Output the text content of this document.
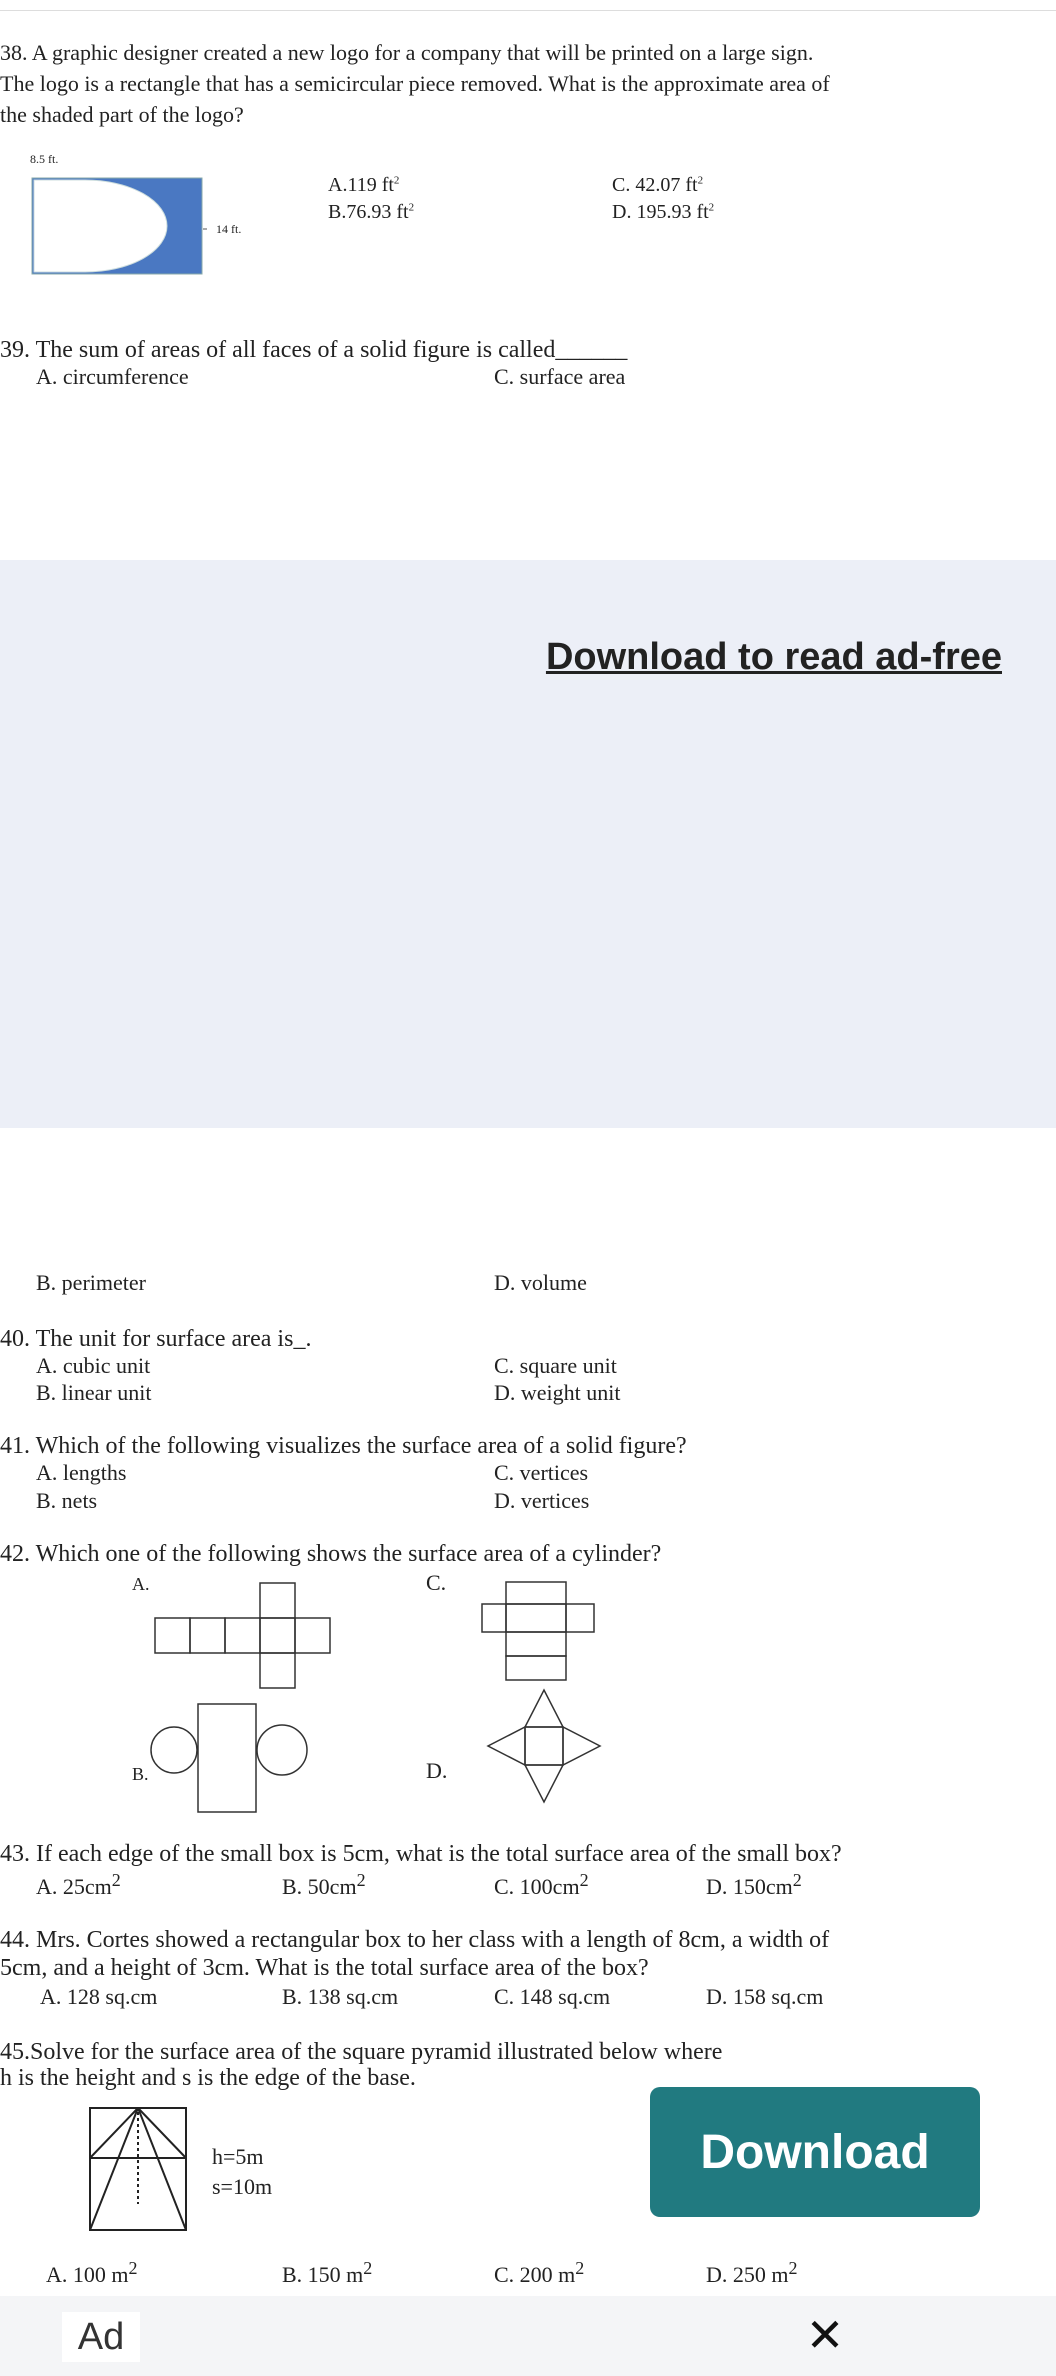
38. A graphic designer created a new logo for a company that will be printed on a large sign.
The logo is a rectangle that has a semicircular piece removed. What is the approximate area of
the shaded part of the logo?
8.5 ft.
14 ft.
A.119 $ft^2$
B.76.93 $ft^2$
C. 42.07 $ft^2$
D. 195.93 $ft^2$
39. The sum of areas of all faces of a solid figure is called______
A. circumference	C. surface area
Download to read ad-free
B. perimeter	D. volume
40. The unit for surface area is_.
A. cubic unit	C. square unit
B. linear unit	D. weight unit
41. Which of the following visualizes the surface area of a solid figure?
A. lengths	C. vertices
B. nets	D. vertices
42. Which one of the following shows the surface area of a cylinder?
A.	C.
B.	D.
43. If each edge of the small box is 5cm, what is the total surface area of the small box?
A. $25cm^2$	B. $50cm^2$	C. $100cm^2$	D. $150cm^2$
44. Mrs. Cortes showed a rectangular box to her class with a length of 8cm, a width of
5cm, and a height of 3cm. What is the total surface area of the box?
A. 128 sq.cm	B. 138 sq.cm	C. 148 sq.cm	D. 158 sq.cm
45.Solve for the surface area of the square pyramid illustrated below where
h is the height and s is the edge of the base.
h=5m
s=10m
A. 100 $m^2$	B. 150 $m^2$	C. 200 $m^2$	D. 250 $m^2$
Download
Ad	✕
